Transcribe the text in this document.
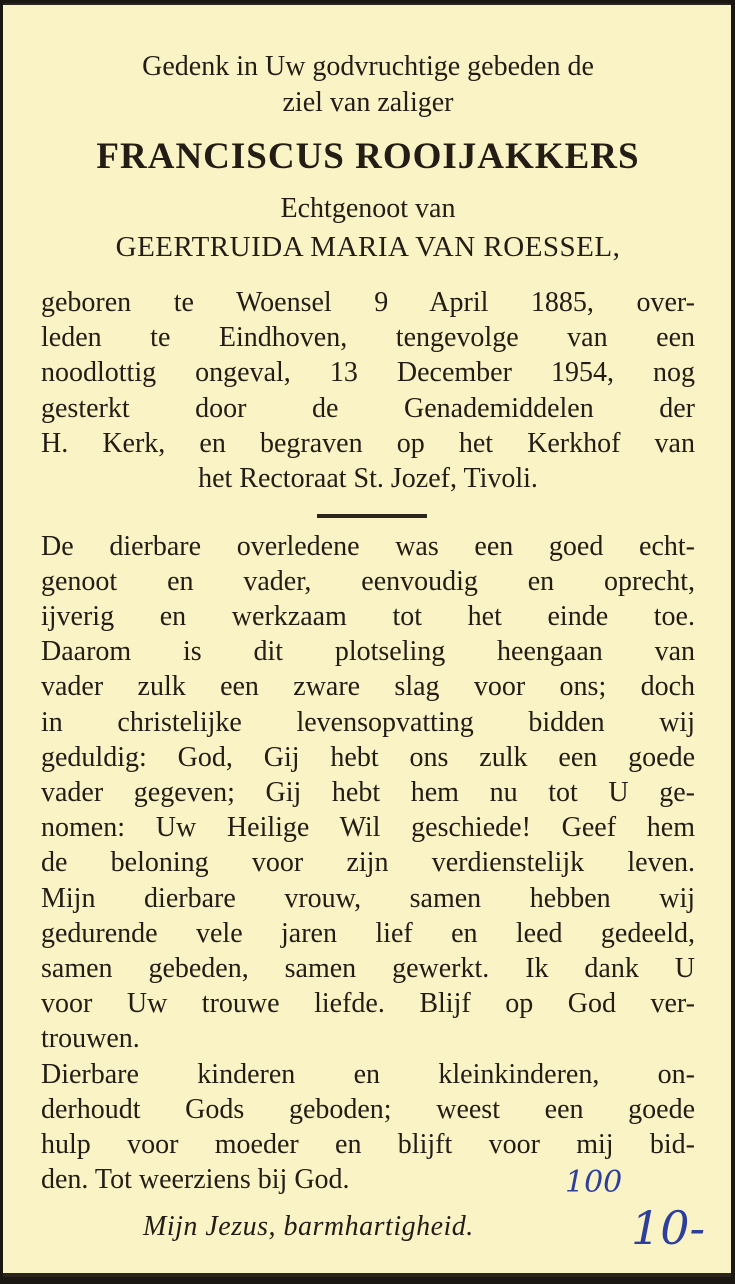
Gedenk in Uw godvruchtige gebeden de
ziel van zaliger
FRANCISCUS ROOIJAKKERS
Echtgenoot van
GEERTRUIDA MARIA VAN ROESSEL,
geboren te Woensel 9 April 1885, over-
leden te Eindhoven, tengevolge van een
noodlottig ongeval, 13 December 1954, nog
gesterkt door de Genademiddelen der
H. Kerk, en begraven op het Kerkhof van
het Rectoraat St. Jozef, Tivoli.
De dierbare overledene was een goed echt-
genoot en vader, eenvoudig en oprecht,
ijverig en werkzaam tot het einde toe.
Daarom is dit plotseling heengaan van
vader zulk een zware slag voor ons; doch
in christelijke levensopvatting bidden wij
geduldig: God, Gij hebt ons zulk een goede
vader gegeven; Gij hebt hem nu tot U ge-
nomen: Uw Heilige Wil geschiede! Geef hem
de beloning voor zijn verdienstelijk leven.
Mijn dierbare vrouw, samen hebben wij
gedurende vele jaren lief en leed gedeeld,
samen gebeden, samen gewerkt. Ik dank U
voor Uw trouwe liefde. Blijf op God ver-
trouwen.
Dierbare kinderen en kleinkinderen, on-
derhoudt Gods geboden; weest een goede
hulp voor moeder en blijft voor mij bid-
den. Tot weerziens bij God.
Mijn Jezus, barmhartigheid.
100
10-
